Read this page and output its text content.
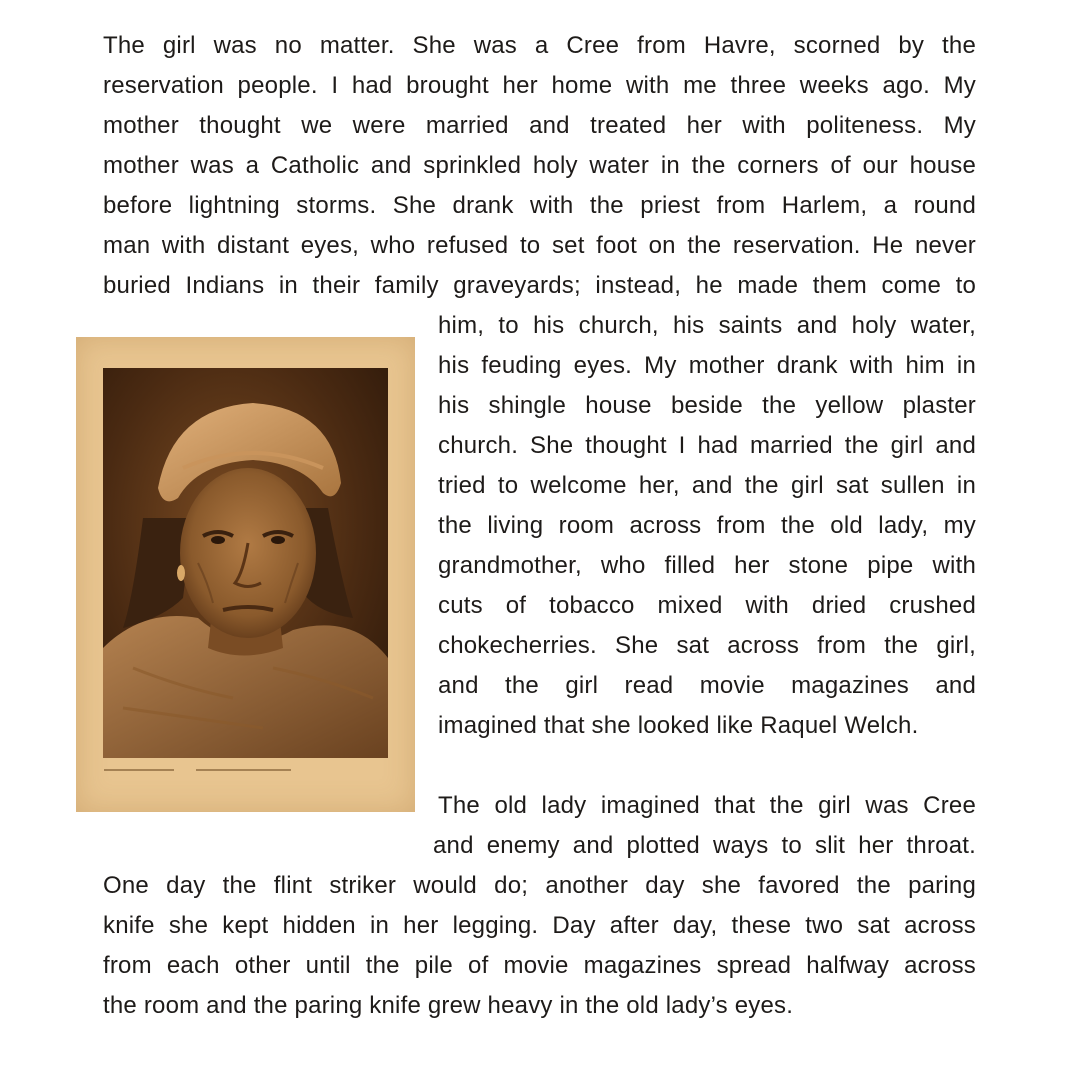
The girl was no matter. She was a Cree from Havre, scorned by the
reservation people. I had brought her home with me three weeks ago. My
mother thought we were married and treated her with politeness. My
mother was a Catholic and sprinkled holy water in the corners of our house
before lightning storms. She drank with the priest from Harlem, a round
man with distant eyes, who refused to set foot on the reservation. He never
buried Indians in their family graveyards; instead, he made them come to
him, to his church, his saints and holy water,
his feuding eyes. My mother drank with him in
his shingle house beside the yellow plaster
church. She thought I had married the girl and
tried to welcome her, and the girl sat sullen in
the living room across from the old lady, my
grandmother, who filled her stone pipe with
cuts of tobacco mixed with dried crushed
chokecherries. She sat across from the girl,
and the girl read movie magazines and
imagined that she looked like Raquel Welch.
The old lady imagined that the girl was Cree
and enemy and plotted ways to slit her throat.
One day the flint striker would do; another day she favored the paring
knife she kept hidden in her legging. Day after day, these two sat across
from each other until the pile of movie magazines spread halfway across
the room and the paring knife grew heavy in the old lady’s eyes.
